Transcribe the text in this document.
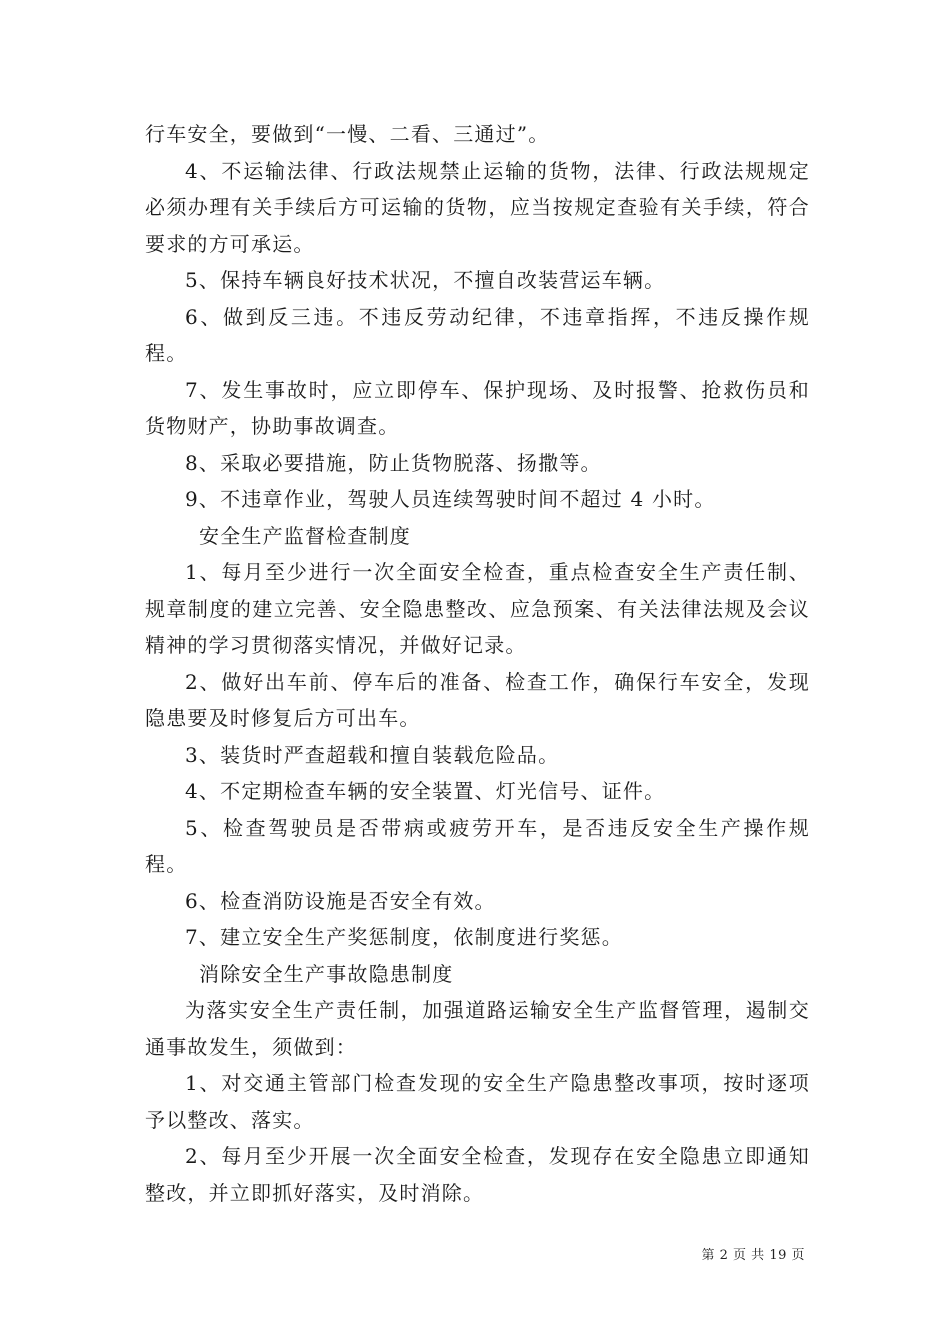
行车安全，要做到“一慢、二看、三通过”。

4、不运输法律、行政法规禁止运输的货物，法律、行政法规规定必须办理有关手续后方可运输的货物，应当按规定查验有关手续，符合要求的方可承运。

5、保持车辆良好技术状况，不擅自改装营运车辆。

6、做到反三违。不违反劳动纪律，不违章指挥，不违反操作规程。

7、发生事故时，应立即停车、保护现场、及时报警、抢救伤员和货物财产，协助事故调查。

8、采取必要措施，防止货物脱落、扬撒等。

9、不违章作业，驾驶人员连续驾驶时间不超过 4 小时。

安全生产监督检查制度

1、每月至少进行一次全面安全检查，重点检查安全生产责任制、规章制度的建立完善、安全隐患整改、应急预案、有关法律法规及会议精神的学习贯彻落实情况，并做好记录。

2、做好出车前、停车后的准备、检查工作，确保行车安全，发现隐患要及时修复后方可出车。

3、装货时严查超载和擅自装载危险品。

4、不定期检查车辆的安全装置、灯光信号、证件。

5、检查驾驶员是否带病或疲劳开车，是否违反安全生产操作规程。

6、检查消防设施是否安全有效。

7、建立安全生产奖惩制度，依制度进行奖惩。

消除安全生产事故隐患制度

为落实安全生产责任制，加强道路运输安全生产监督管理，遏制交通事故发生，须做到：

1、对交通主管部门检查发现的安全生产隐患整改事项，按时逐项予以整改、落实。

2、每月至少开展一次全面安全检查，发现存在安全隐患立即通知整改，并立即抓好落实，及时消除。

第 2 页 共 19 页
